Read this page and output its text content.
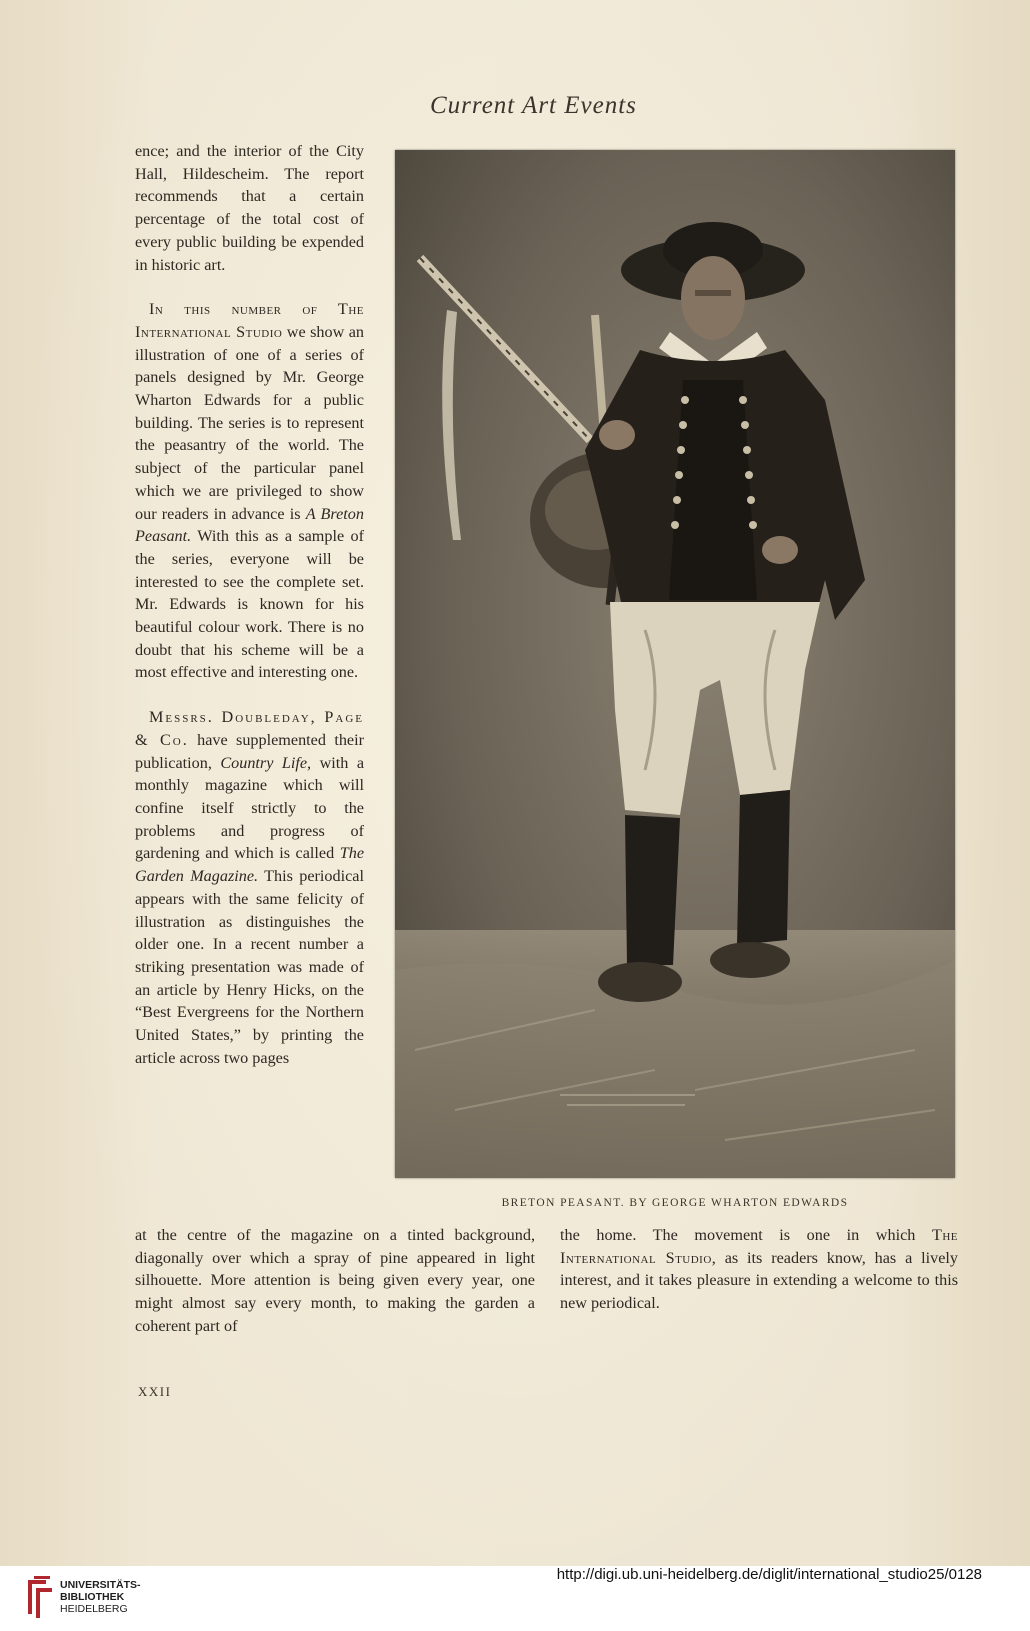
Current Art Events

ence; and the interior of the City Hall, Hildescheim. The report recommends that a certain percentage of the total cost of every public building be expended in historic art.

In this number of The International Studio we show an illustration of one of a series of panels designed by Mr. George Wharton Edwards for a public building. The series is to represent the peasantry of the world. The subject of the particular panel which we are privileged to show our readers in advance is A Breton Peasant. With this as a sample of the series, everyone will be interested to see the complete set. Mr. Edwards is known for his beautiful colour work. There is no doubt that his scheme will be a most effective and interesting one.

Messrs. Doubleday, Page & Co. have supplemented their publication, Country Life, with a monthly magazine which will confine itself strictly to the problems and progress of gardening and which is called The Garden Magazine. This periodical appears with the same felicity of illustration as distinguishes the older one. In a recent number a striking presentation was made of an article by Henry Hicks, on the “Best Evergreens for the Northern United States,” by printing the article across two pages

BRETON PEASANT. BY GEORGE WHARTON EDWARDS

at the centre of the magazine on a tinted background, diagonally over which a spray of pine appeared in light silhouette. More attention is being given every year, one might almost say every month, to making the garden a coherent part of

the home. The movement is one in which The International Studio, as its readers know, has a lively interest, and it takes pleasure in extending a welcome to this new periodical.

XXII
UNIVERSITÄTS-
BIBLIOTHEK
HEIDELBERG
http://digi.ub.uni-heidelberg.de/diglit/international_studio25/0128
